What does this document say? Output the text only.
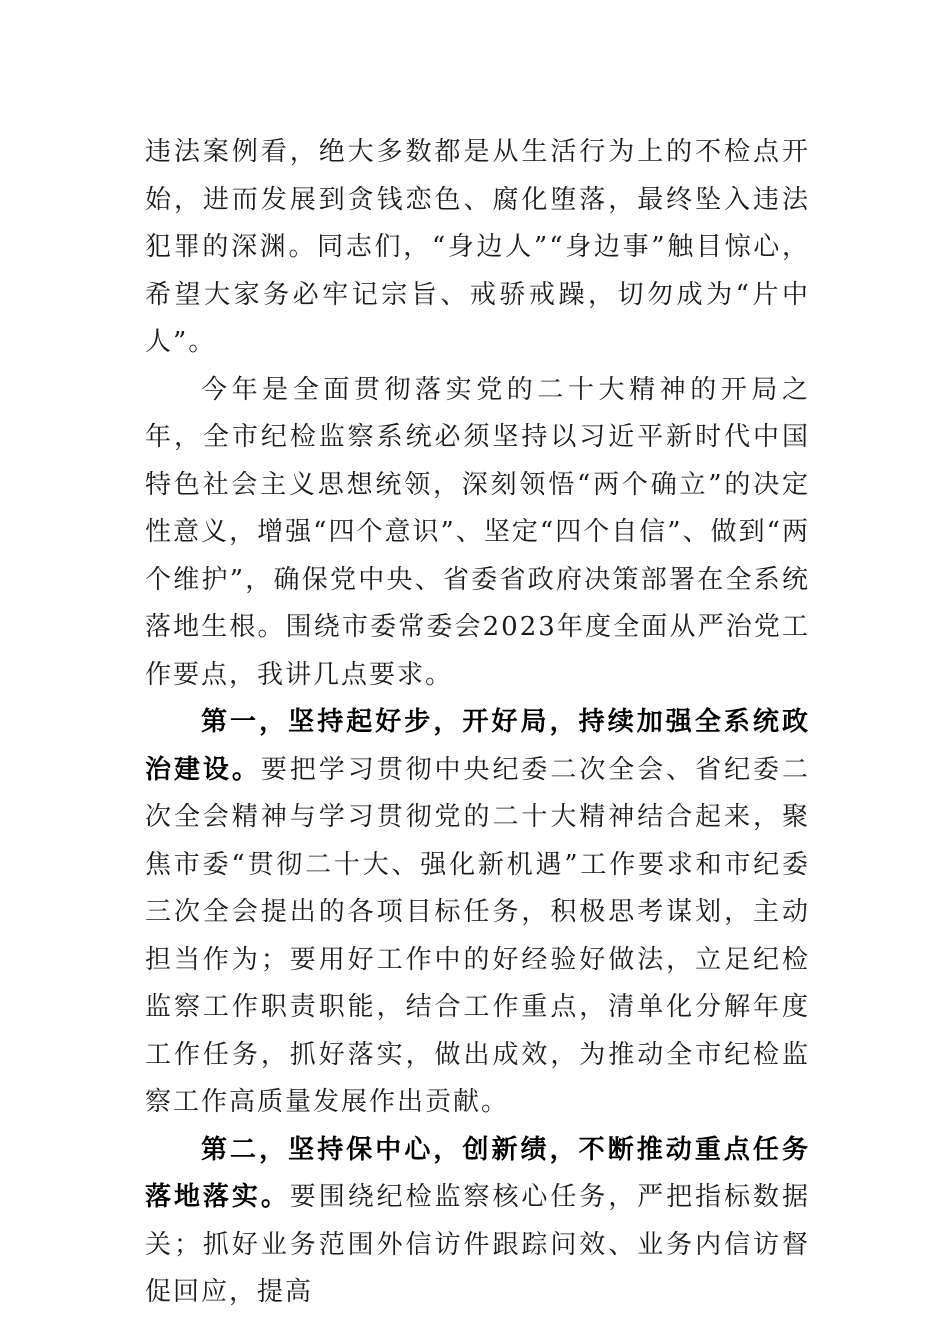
违法案例看，绝大多数都是从生活行为上的不检点开始，进而发展到贪钱恋色、腐化堕落，最终坠入违法犯罪的深渊。同志们，“身边人”“身边事”触目惊心，希望大家务必牢记宗旨、戒骄戒躁，切勿成为“片中人”。

今年是全面贯彻落实党的二十大精神的开局之年，全市纪检监察系统必须坚持以习近平新时代中国特色社会主义思想统领，深刻领悟“两个确立”的决定性意义，增强“四个意识”、坚定“四个自信”、做到“两个维护”，确保党中央、省委省政府决策部署在全系统落地生根。围绕市委常委会2023年度全面从严治党工作要点，我讲几点要求。

第一，坚持起好步，开好局，持续加强全系统政治建设。要把学习贯彻中央纪委二次全会、省纪委二次全会精神与学习贯彻党的二十大精神结合起来，聚焦市委“贯彻二十大、强化新机遇”工作要求和市纪委三次全会提出的各项目标任务，积极思考谋划，主动担当作为；要用好工作中的好经验好做法，立足纪检监察工作职责职能，结合工作重点，清单化分解年度工作任务，抓好落实，做出成效，为推动全市纪检监察工作高质量发展作出贡献。

第二，坚持保中心，创新绩，不断推动重点任务落地落实。要围绕纪检监察核心任务，严把指标数据关；抓好业务范围外信访件跟踪问效、业务内信访督促回应，提高
